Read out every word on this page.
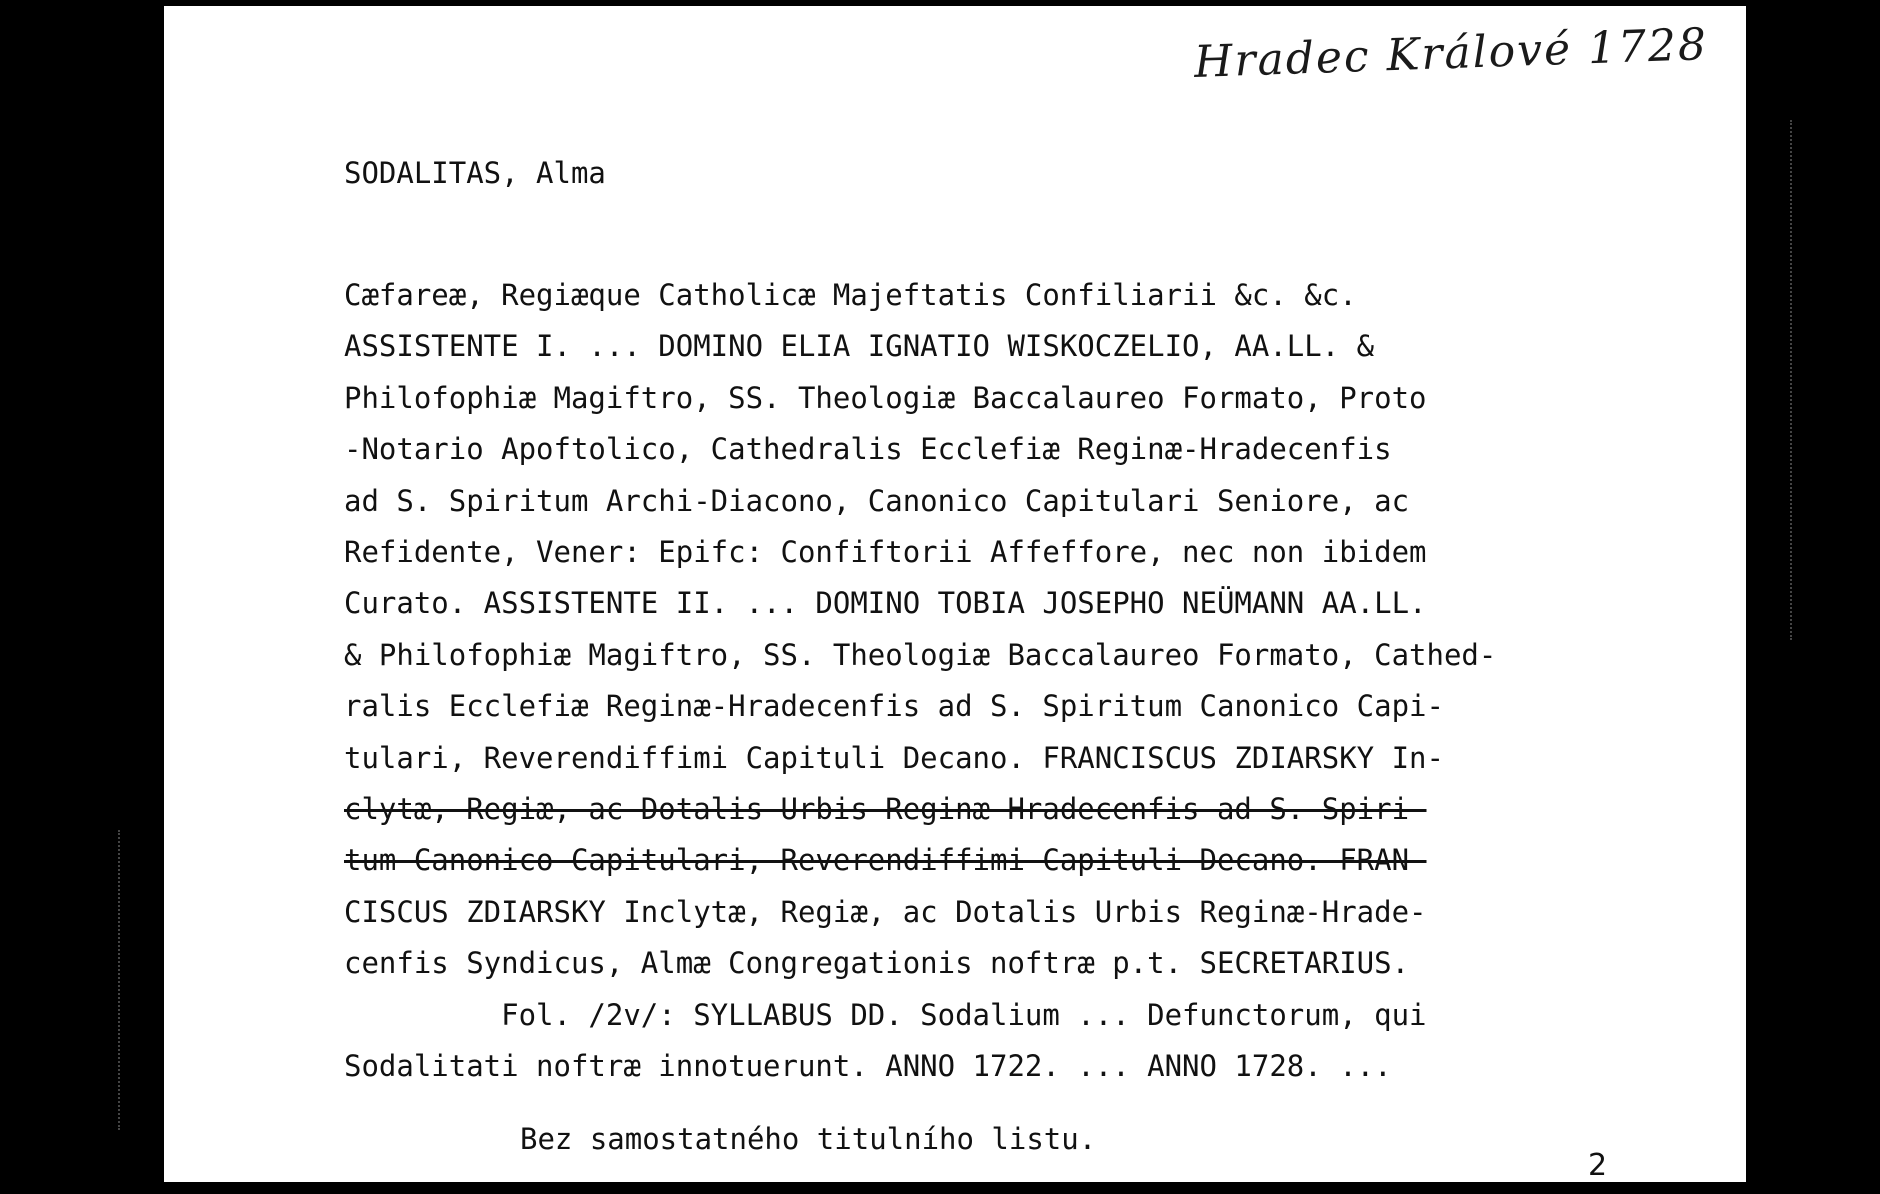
Hradec Králové 1728
SODALITAS, Alma
Cæfareæ, Regiæque Catholicæ Majeftatis Confiliarii &c. &c.
ASSISTENTE I. ... DOMINO ELIA IGNATIO WISKOCZELIO, AA.LL. &
Philofophiæ Magiftro, SS. Theologiæ Baccalaureo Formato, Proto
-Notario Apoftolico, Cathedralis Ecclefiæ Reginæ-Hradecenfis
ad S. Spiritum Archi-Diacono, Canonico Capitulari Seniore, ac
Refidente, Vener: Epifc: Confiftorii Affeffore, nec non ibidem
Curato. ASSISTENTE II. ... DOMINO TOBIA JOSEPHO NEÜMANN AA.LL.
& Philofophiæ Magiftro, SS. Theologiæ Baccalaureo Formato, Cathed-
ralis Ecclefiæ Reginæ-Hradecenfis ad S. Spiritum Canonico Capi-
tulari, Reverendiffimi Capituli Decano. FRANCISCUS ZDIARSKY In-
clytæ, Regiæ, ac Dotalis Urbis Reginæ-Hradecenfis ad S. Spiri-
tum Canonico Capitulari, Reverendiffimi Capituli Decano. FRAN-
CISCUS ZDIARSKY Inclytæ, Regiæ, ac Dotalis Urbis Reginæ-Hrade-
cenfis Syndicus, Almæ Congregationis noftræ p.t. SECRETARIUS.
Fol. /2v/: SYLLABUS DD. Sodalium ... Defunctorum, qui
Sodalitati noftræ innotuerunt. ANNO 1722. ... ANNO 1728. ...

Bez samostatného titulního listu.

2
